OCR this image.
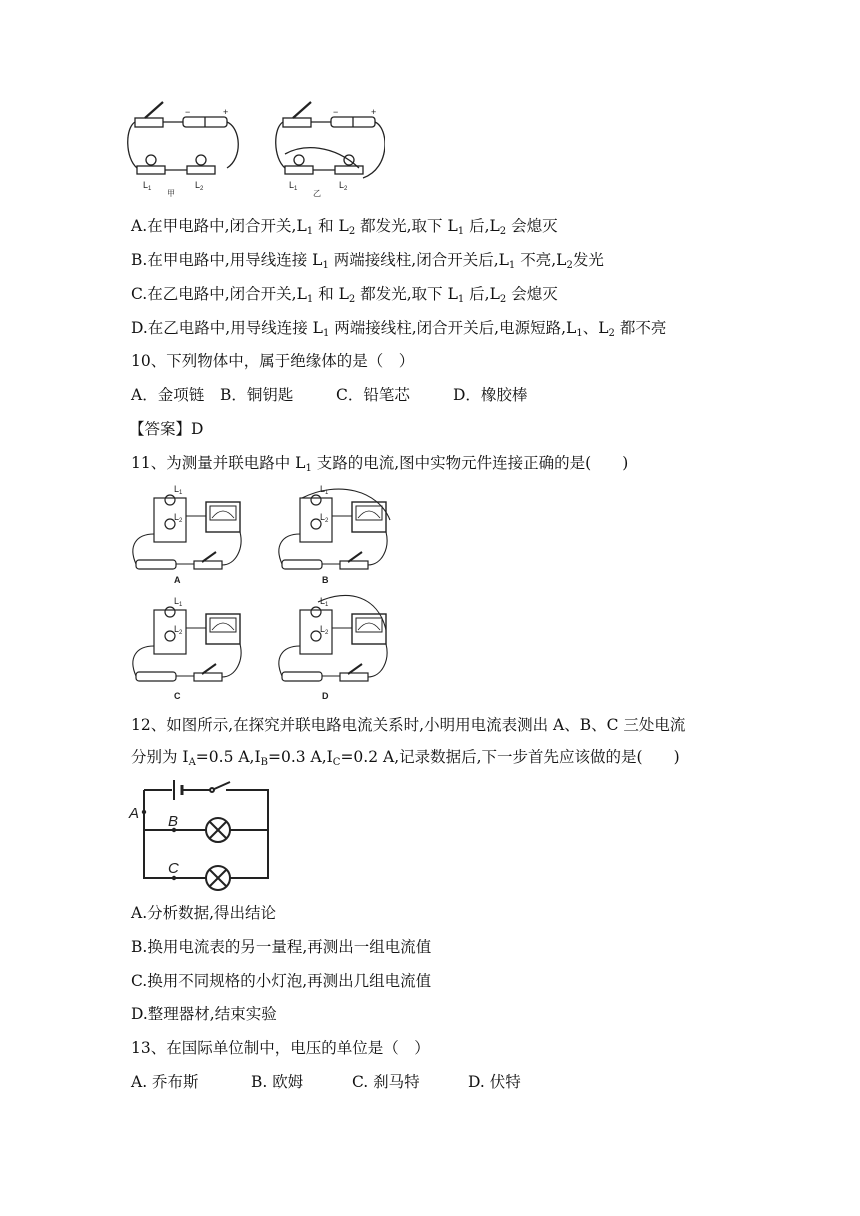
−	+
$L_1$	$L_2$
甲
−	+
$L_1$	$L_2$
乙
A.在甲电路中,闭合开关$,L_1$ 和 $L_2$ 都发光,取下 $L_1$ 后$,L_2$ 会熄灭
B.在甲电路中,用导线连接 $L_1$ 两端接线柱,闭合开关后$,L_1$ 不亮$,L_2$发光
C.在乙电路中,闭合开关$,L_1$ 和 $L_2$ 都发光,取下 $L_1$ 后$,L_2$ 会熄灭
D.在乙电路中,用导线连接 $L_1$ 两端接线柱,闭合开关后,电源短路$,L_1$、$L_2$ 都不亮
10、下列物体中，属于绝缘体的是（　）
A．金项链 B．铜钥匙	C．铅笔芯	D．橡胶棒
【答案】D
11、为测量并联电路中 $L_1$ 支路的电流,图中实物元件连接正确的是(　　)
$L_1$
$L_2$
$L_1$
$L_2$
$L_1$
$L_2$
$L_1$
$L_2$
A	B
C	D
12、如图所示,在探究并联电路电流关系时,小明用电流表测出 A、B、C 三处电流
分别为 $I_A=0.5$ $A,I_B=0.3$ $A,I_C=0.2$ A,记录数据后,下一步首先应该做的是(　　)
A B
C
A.分析数据,得出结论
B.换用电流表的另一量程,再测出一组电流值
C.换用不同规格的小灯泡,再测出几组电流值
D.整理器材,结束实验
13、在国际单位制中，电压的单位是（　）
A. 乔布斯	B. 欧姆	C. 刹马特	D. 伏特
